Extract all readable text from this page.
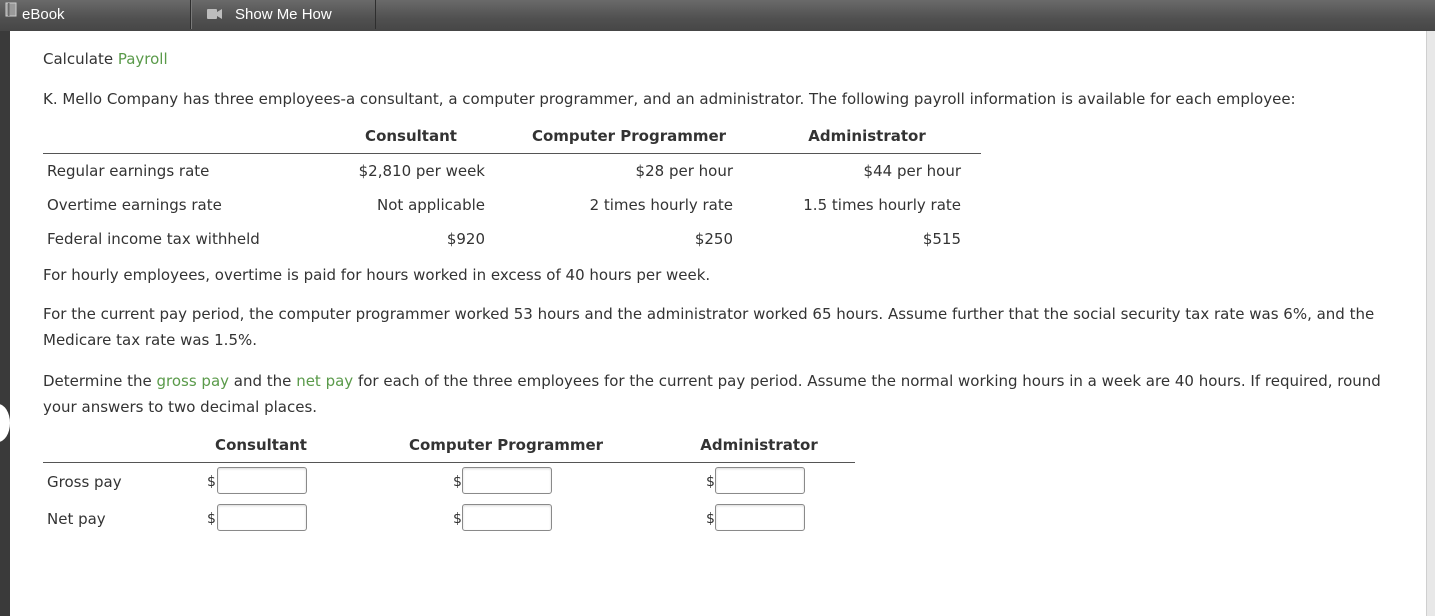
eBook	Show Me How
Calculate Payroll
K. Mello Company has three employees-a consultant, a computer programmer, and an administrator. The following payroll information is available for each employee:
Consultant	Computer Programmer	Administrator
Regular earnings rate	$2,810 per week	$28 per hour	$44 per hour
Overtime earnings rate	Not applicable	2 times hourly rate	1.5 times hourly rate
Federal income tax withheld	$920	$250	$515
For hourly employees, overtime is paid for hours worked in excess of 40 hours per week.
For the current pay period, the computer programmer worked 53 hours and the administrator worked 65 hours. Assume further that the social security tax rate was 6%, and the
Medicare tax rate was 1.5%.
Determine the gross pay and the net pay for each of the three employees for the current pay period. Assume the normal working hours in a week are 40 hours. If required, round
your answers to two decimal places.
Consultant	Computer Programmer	Administrator
Gross pay	$	$	$
Net pay	$	$	$
